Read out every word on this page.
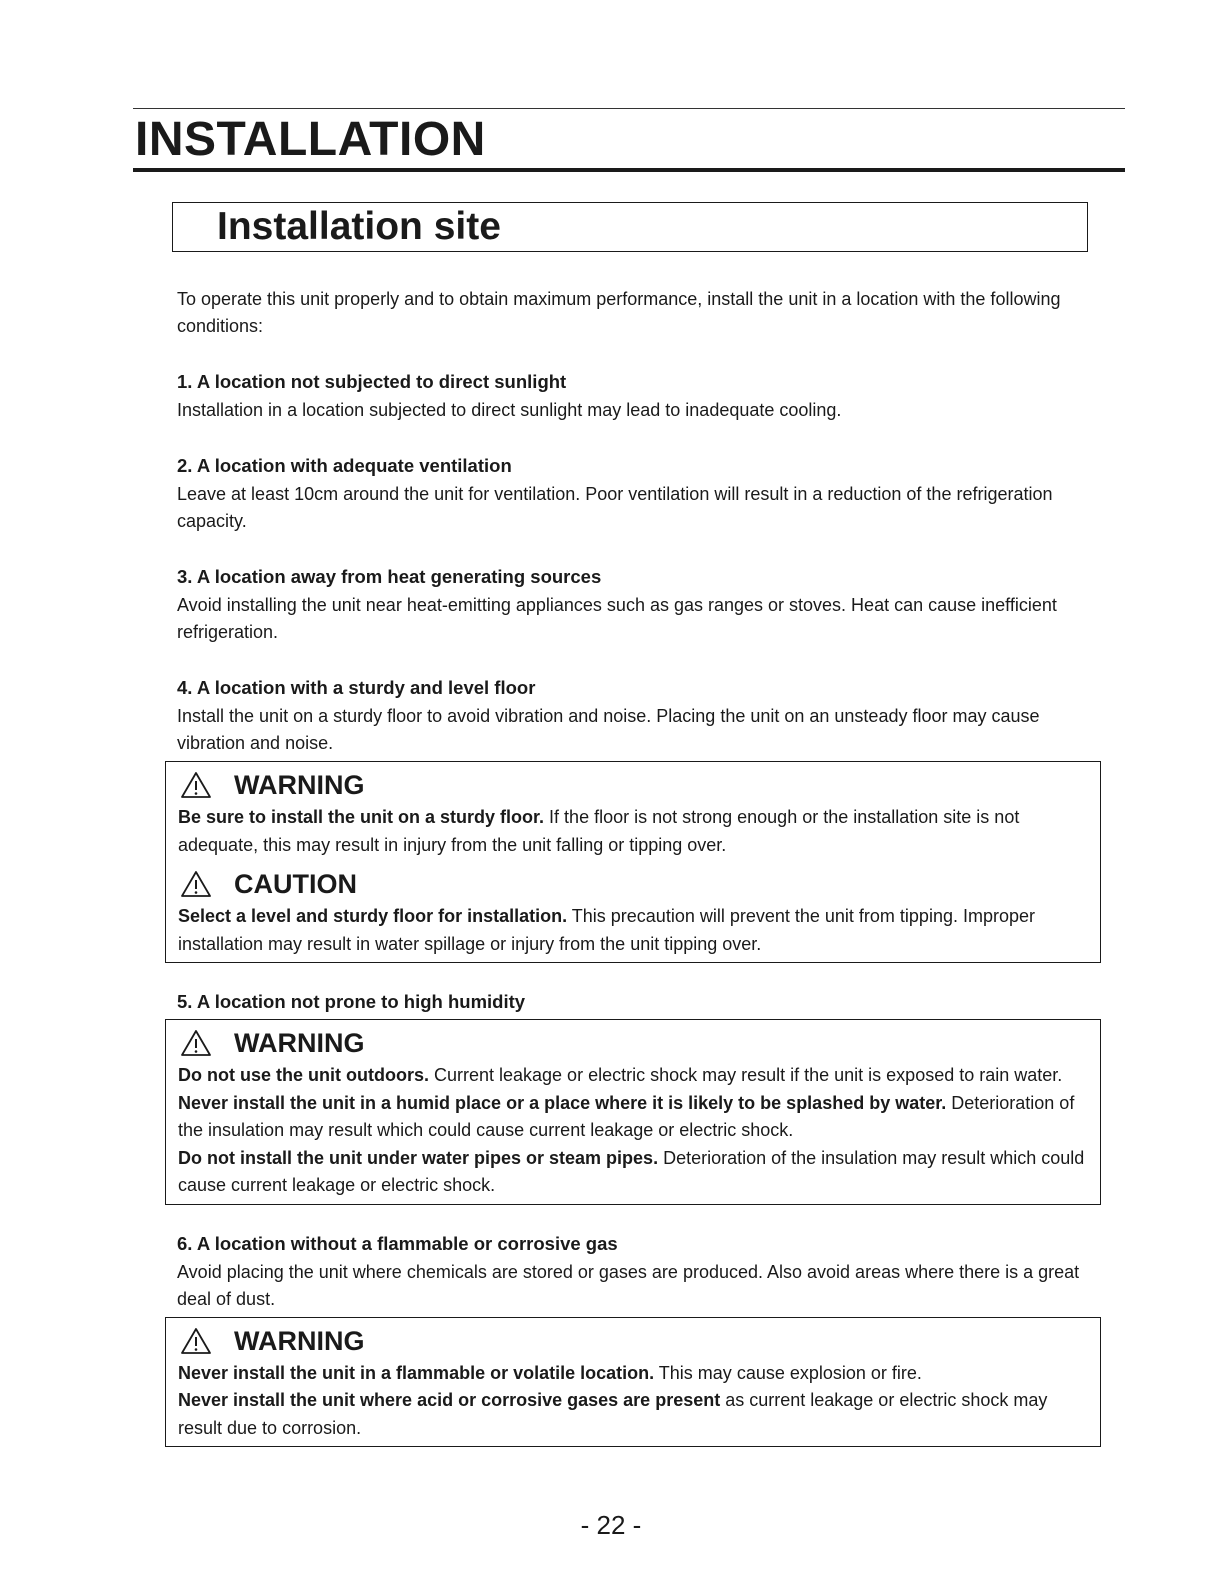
INSTALLATION
Installation site

To operate this unit properly and to obtain maximum performance, install the unit in a location with the following conditions:

1. A location not subjected to direct sunlight

Installation in a location subjected to direct sunlight may lead to inadequate cooling.

2. A location with adequate ventilation

Leave at least 10cm around the unit for ventilation. Poor ventilation will result in a reduction of the refrigeration capacity.

3. A location away from heat generating sources

Avoid installing the unit near heat-emitting appliances such as gas ranges or stoves. Heat can cause inefficient refrigeration.

4. A location with a sturdy and level floor

Install the unit on a sturdy floor to avoid vibration and noise. Placing the unit on an unsteady floor may cause vibration and noise.

WARNING

Be sure to install the unit on a sturdy floor. If the floor is not strong enough or the installation site is not adequate, this may result in injury from the unit falling or tipping over.

CAUTION

Select a level and sturdy floor for installation. This precaution will prevent the unit from tipping. Improper installation may result in water spillage or injury from the unit tipping over.

5. A location not prone to high humidity

WARNING

Do not use the unit outdoors. Current leakage or electric shock may result if the unit is exposed to rain water.

Never install the unit in a humid place or a place where it is likely to be splashed by water. Deterioration of the insulation may result which could cause current leakage or electric shock.

Do not install the unit under water pipes or steam pipes. Deterioration of the insulation may result which could cause current leakage or electric shock.

6. A location without a flammable or corrosive gas

Avoid placing the unit where chemicals are stored or gases are produced. Also avoid areas where there is a great deal of dust.

WARNING

Never install the unit in a flammable or volatile location. This may cause explosion or fire.

Never install the unit where acid or corrosive gases are present as current leakage or electric shock may result due to corrosion.

- 22 -
